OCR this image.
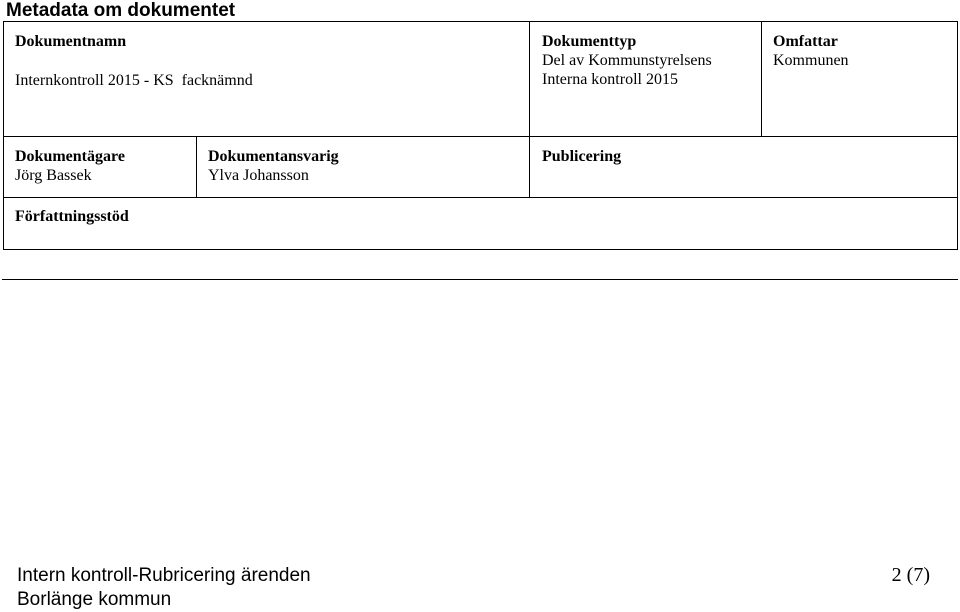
Metadata om dokumentet
Dokumentnamn
Internkontroll 2015 - KS  facknämnd
Dokumenttyp
Del av Kommunstyrelsens
Interna kontroll 2015
Omfattar
Kommunen
Dokumentägare
Jörg Bassek
Dokumentansvarig
Ylva Johansson
Publicering
Författningsstöd
Intern kontroll-Rubricering ärenden
Borlänge kommun
2 (7)
